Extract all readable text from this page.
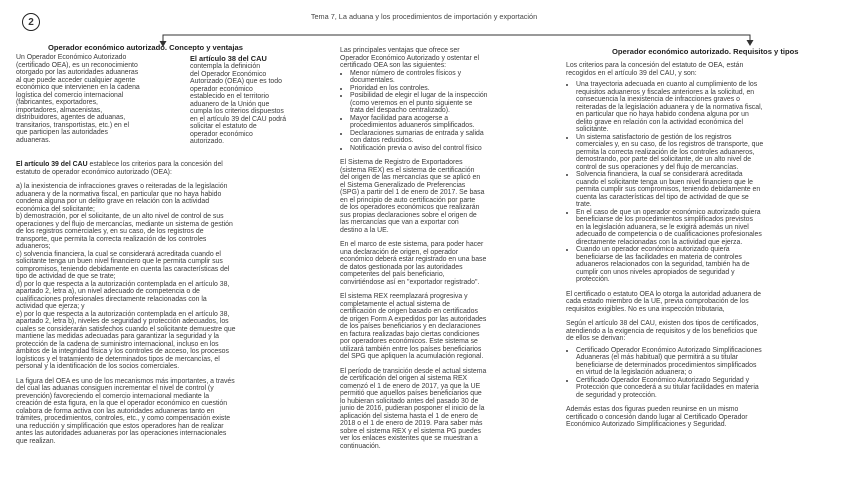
2
Tema 7, La aduana y los procedimientos de importación y exportación
Operador económico autorizado. Concepto y ventajas	Operador económico autorizado. Requisitos y tipos
Un Operador Económico Autorizado
(certificado OEA), es un reconocimiento
otorgado por las autoridades aduaneras
al que puede acceder cualquier agente
económico que intervienen en la cadena
logística del comercio internacional
(fabricantes, exportadores,
importadores, almacenistas,
distribuidores, agentes de aduanas,
transitarios, transportistas, etc.) en el
que participen las autoridades
aduaneras.
El artículo 38 del CAU
contempla la definición
del Operador Económico
Autorizado (OEA) que es todo
operador económico
establecido en el territorio
aduanero de la Unión que
cumpla los criterios dispuestos
en el artículo 39 del CAU podrá
solicitar el estatuto de
operador económico
autorizado.

El artículo 39 del CAU establece los criterios para la concesión del
estatuto de operador económico autorizado (OEA):

a) la inexistencia de infracciones graves o reiteradas de la legislación
aduanera y de la normativa fiscal, en particular que no haya habido
condena alguna por un delito grave en relación con la actividad
económica del solicitante;
b) demostración, por el solicitante, de un alto nivel de control de sus
operaciones y del flujo de mercancías, mediante un sistema de gestión
de los registros comerciales y, en su caso, de los registros de
transporte, que permita la correcta realización de los controles
aduaneros;
c) solvencia financiera, la cual se considerará acreditada cuando el
solicitante tenga un buen nivel financiero que le permita cumplir sus
compromisos, teniendo debidamente en cuenta las características del
tipo de actividad de que se trate;
d) por lo que respecta a la autorización contemplada en el artículo 38,
apartado 2, letra a), un nivel adecuado de competencia o de
cualificaciones profesionales directamente relacionadas con la
actividad que ejerza; y
e) por lo que respecta a la autorización contemplada en el artículo 38,
apartado 2, letra b), niveles de seguridad y protección adecuados, los
cuales se considerarán satisfechos cuando el solicitante demuestre que
mantiene las medidas adecuadas para garantizar la seguridad y la
protección de la cadena de suministro internacional, incluso en los
ámbitos de la integridad física y los controles de acceso, los procesos
logísticos y el tratamiento de determinados tipos de mercancías, el
personal y la identificación de los socios comerciales.

La figura del OEA es uno de los mecanismos más importantes, a través
del cual las aduanas consiguen incrementar el nivel de control (y
prevención) favoreciendo el comercio internacional mediante la
creación de esta figura, en la que el operador económico en cuestión
colabora de forma activa con las autoridades aduaneras tanto en
trámites, procedimientos, controles, etc., y como compensación existe
una reducción y simplificación que estos operadores han de realizar
antes las autoridades aduaneras por las operaciones internacionales
que realizan.

Las principales ventajas que ofrece ser
Operador Económico Autorizado y ostentar el
certificado OEA son las siguientes:

• Menor número de controles físicos y
documentales.
• Prioridad en los controles.
• Posibilidad de elegir el lugar de la inspección
(como veremos en el punto siguiente se
trata del despacho centralizado).
• Mayor facilidad para acogerse a
procedimientos aduaneros simplificados.
• Declaraciones sumarias de entrada y salida
con datos reducidos.
• Notificación previa o aviso del control físico

El Sistema de Registro de Exportadores
(sistema REX) es el sistema de certificación
del origen de las mercancías que se aplicó en
el Sistema Generalizado de Preferencias
(SPG) a partir del 1 de enero de 2017. Se basa
en el principio de auto certificación por parte
de los operadores económicos que realizarán
sus propias declaraciones sobre el origen de
las mercancías que van a exportar con
destino a la UE.

En el marco de este sistema, para poder hacer
una declaración de origen, el operador
económico deberá estar registrado en una base
de datos gestionada por las autoridades
competentes del país beneficiario,
convirtiéndose así en "exportador registrado".

El sistema REX reemplazará progresiva y
completamente el actual sistema de
certificación de origen basado en certificados
de origen Form A expedidos por las autoridades
de los países beneficiarios y en declaraciones
en factura realizadas bajo ciertas condiciones
por operadores económicos. Este sistema se
utilizará también entre los países beneficiarios
del SPG que apliquen la acumulación regional.

El período de transición desde el actual sistema
de certificación del origen al sistema REX
comenzó el 1 de enero de 2017, ya que la UE
permitió que aquellos países beneficiarios que
lo hubieran solicitado antes del pasado 30 de
junio de 2016, pudieran posponer el inicio de la
aplicación del sistema hasta el 1 de enero de
2018 o el 1 de enero de 2019. Para saber más
sobre el sistema REX y el sistema PG puedes
ver los enlaces existentes que se muestran a
continuación.

Los criterios para la concesión del estatuto de OEA, están
recogidos en el artículo 39 del CAU, y son:

• Una trayectoria adecuada en cuanto al cumplimiento de los
requisitos aduaneros y fiscales anteriores a la solicitud, en
consecuencia la inexistencia de infracciones graves o
reiteradas de la legislación aduanera y de la normativa fiscal,
en particular que no haya habido condena alguna por un
delito grave en relación con la actividad económica del
solicitante.
• Un sistema satisfactorio de gestión de los registros
comerciales y, en su caso, de los registros de transporte, que
permita la correcta realización de los controles aduaneros,
demostrando, por parte del solicitante, de un alto nivel de
control de sus operaciones y del flujo de mercancías.
• Solvencia financiera, la cual se considerará acreditada
cuando el solicitante tenga un buen nivel financiero que le
permita cumplir sus compromisos, teniendo debidamente en
cuenta las características del tipo de actividad de que se
trate.
• En el caso de que un operador económico autorizado quiera
beneficiarse de los procedimientos simplificados previstos
en la legislación aduanera, se le exigirá además un nivel
adecuado de competencia o de cualificaciones profesionales
directamente relacionadas con la actividad que ejerza.
• Cuando un operador económico autorizado quiera
beneficiarse de las facilidades en materia de controles
aduaneros relacionados con la seguridad, también ha de
cumplir con unos niveles apropiados de seguridad y
protección.

El certificado o estatuto OEA lo otorga la autoridad aduanera de
cada estado miembro de la UE, previa comprobación de los
requisitos exigibles. No es una inspección tributaria,

Según el artículo 38 del CAU, existen dos tipos de certificados,
atendiendo a la exigencia de requisitos y de los beneficios que
de ellos se derivan:

• Certificado Operador Económico Autorizado Simplificaciones
Aduaneras (el más habitual) que permitirá a su titular
beneficiarse de determinados procedimientos simplificados
en virtud de la legislación aduanera; o
• Certificado Operador Económico Autorizado Seguridad y
Protección que concederá a su titular facilidades en materia
de seguridad y protección.

Además estas dos figuras pueden reunirse en un mismo
certificado o concesión dando lugar al Certificado Operador
Económico Autorizado Simplificaciones y Seguridad.
